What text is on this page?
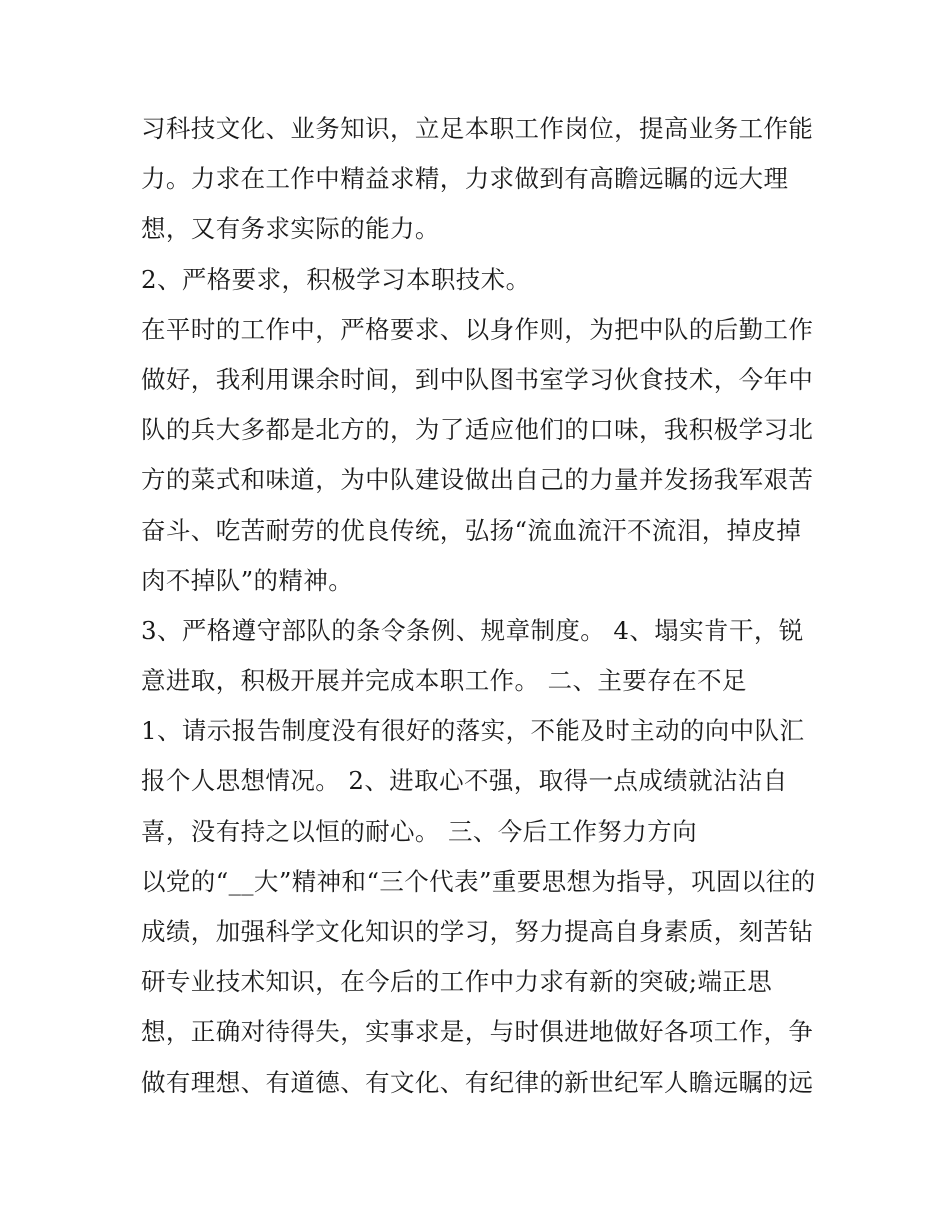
习科技文化、业务知识，立足本职工作岗位，提高业务工作能
力。力求在工作中精益求精，力求做到有高瞻远瞩的远大理
想，又有务求实际的能力。
2、严格要求，积极学习本职技术。
在平时的工作中，严格要求、以身作则，为把中队的后勤工作
做好，我利用课余时间，到中队图书室学习伙食技术，今年中
队的兵大多都是北方的，为了适应他们的口味，我积极学习北
方的菜式和味道，为中队建设做出自己的力量并发扬我军艰苦
奋斗、吃苦耐劳的优良传统，弘扬“流血流汗不流泪，掉皮掉
肉不掉队”的精神。
3、严格遵守部队的条令条例、规章制度。 4、塌实肯干，锐
意进取，积极开展并完成本职工作。 二、主要存在不足
1、请示报告制度没有很好的落实，不能及时主动的向中队汇
报个人思想情况。 2、进取心不强，取得一点成绩就沾沾自
喜，没有持之以恒的耐心。 三、今后工作努力方向
以党的“__大”精神和“三个代表”重要思想为指导，巩固以往的
成绩，加强科学文化知识的学习，努力提高自身素质，刻苦钻
研专业技术知识，在今后的工作中力求有新的突破;端正思
想，正确对待得失，实事求是，与时俱进地做好各项工作，争
做有理想、有道德、有文化、有纪律的新世纪军人瞻远瞩的远
